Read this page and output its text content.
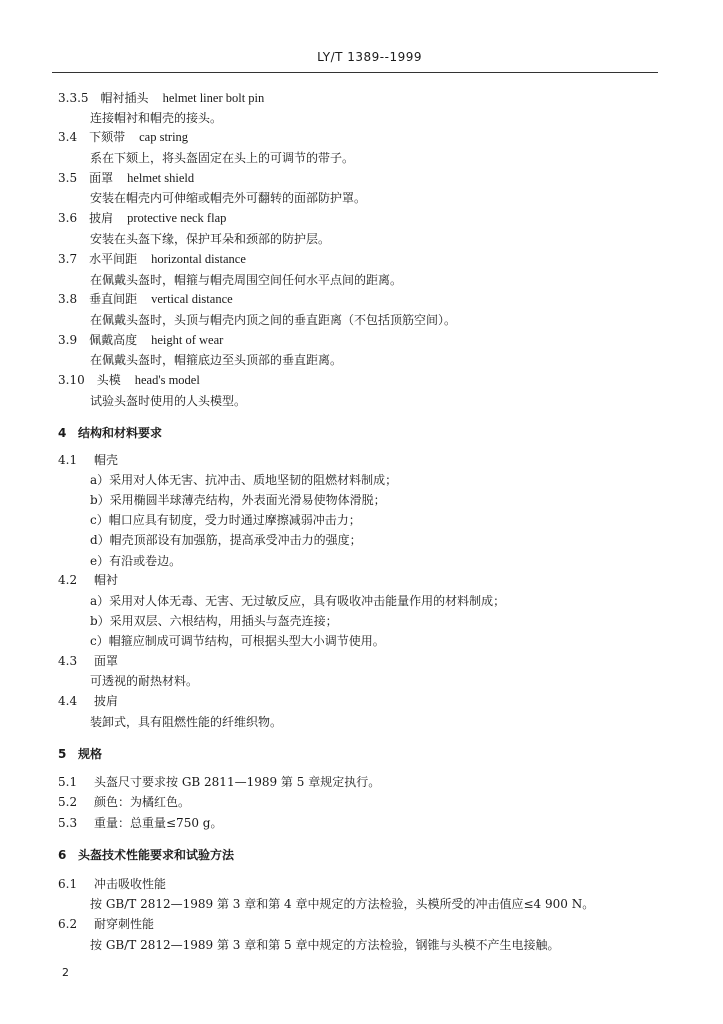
LY/T 1389--1999
3.3.5 帽衬插头 helmet liner bolt pin
连接帽衬和帽壳的接头。
3.4 下颏带 cap string
系在下颏上，将头盔固定在头上的可调节的带子。
3.5 面罩 helmet shield
安装在帽壳内可伸缩或帽壳外可翻转的面部防护罩。
3.6 披肩 protective neck flap
安装在头盔下缘，保护耳朵和颈部的防护层。
3.7 水平间距 horizontal distance
在佩戴头盔时，帽箍与帽壳周围空间任何水平点间的距离。
3.8 垂直间距 vertical distance
在佩戴头盔时，头顶与帽壳内顶之间的垂直距离（不包括顶筋空间）。
3.9 佩戴高度 height of wear
在佩戴头盔时，帽箍底边至头顶部的垂直距离。
3.10 头模 head's model
试验头盔时使用的人头模型。
4 结构和材料要求
4.1 帽壳
a）采用对人体无害、抗冲击、质地坚韧的阻燃材料制成；
b）采用椭圆半球薄壳结构，外表面光滑易使物体滑脱；
c）帽口应具有韧度，受力时通过摩擦减弱冲击力；
d）帽壳顶部设有加强筋，提高承受冲击力的强度；
e）有沿或卷边。
4.2 帽衬
a）采用对人体无毒、无害、无过敏反应，具有吸收冲击能量作用的材料制成；
b）采用双层、六根结构，用插头与盔壳连接；
c）帽箍应制成可调节结构，可根据头型大小调节使用。
4.3 面罩
可透视的耐热材料。
4.4 披肩
装卸式，具有阻燃性能的纤维织物。
5 规格
5.1 头盔尺寸要求按 GB 2811—1989 第 5 章规定执行。
5.2 颜色：为橘红色。
5.3 重量：总重量≤750 g。
6 头盔技术性能要求和试验方法
6.1 冲击吸收性能
按 GB/T 2812—1989 第 3 章和第 4 章中规定的方法检验，头模所受的冲击值应≤4 900 N。
6.2 耐穿刺性能
按 GB/T 2812—1989 第 3 章和第 5 章中规定的方法检验，钢锥与头模不产生电接触。
2
